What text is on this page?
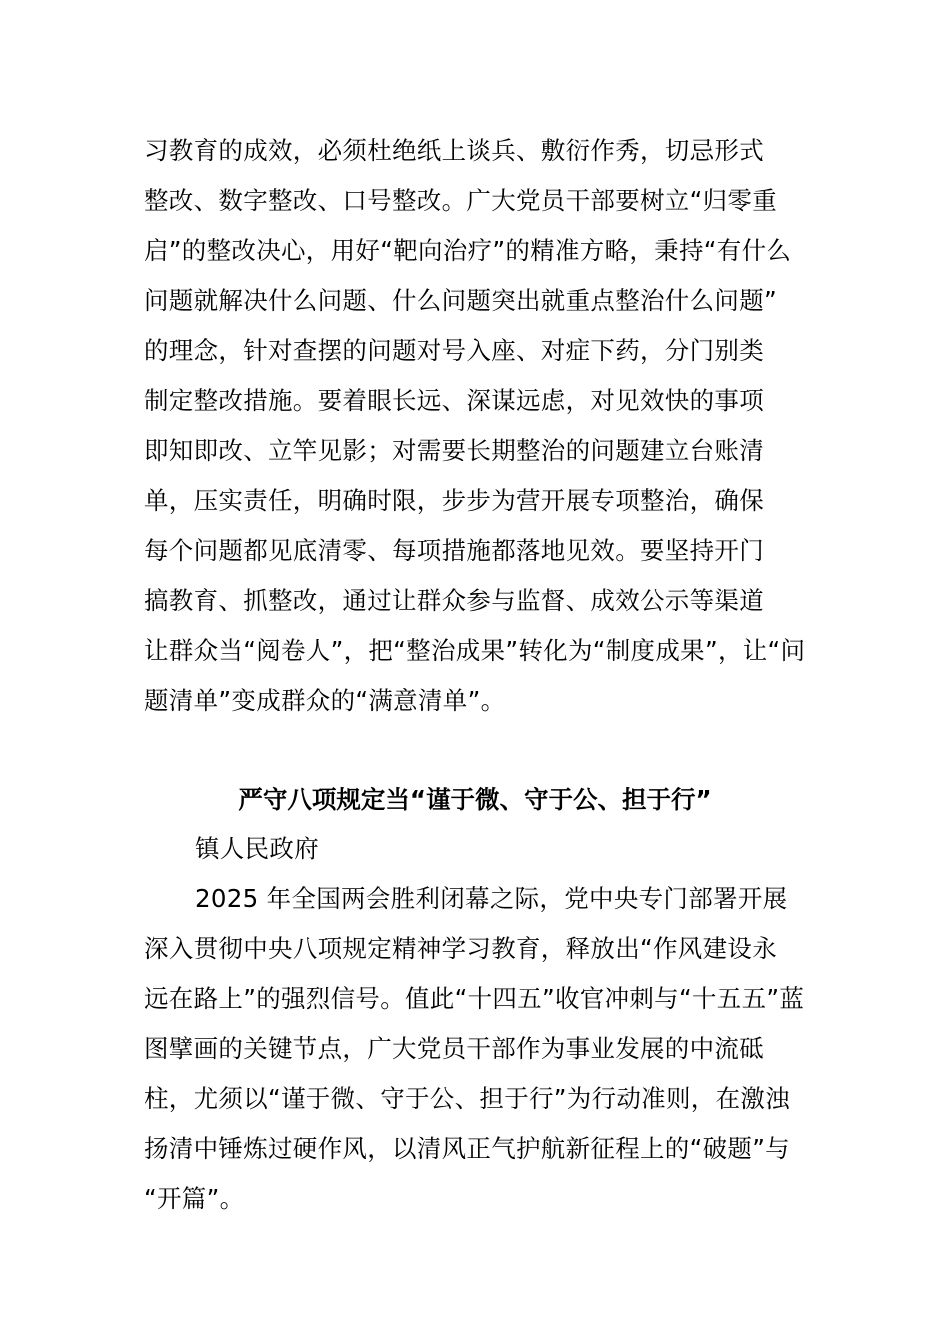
习教育的成效，必须杜绝纸上谈兵、敷衍作秀，切忌形式
整改、数字整改、口号整改。广大党员干部要树立“归零重
启”的整改决心，用好“靶向治疗”的精准方略，秉持“有什么
问题就解决什么问题、什么问题突出就重点整治什么问题”
的理念，针对查摆的问题对号入座、对症下药，分门别类
制定整改措施。要着眼长远、深谋远虑，对见效快的事项
即知即改、立竿见影；对需要长期整治的问题建立台账清
单，压实责任，明确时限，步步为营开展专项整治，确保
每个问题都见底清零、每项措施都落地见效。要坚持开门
搞教育、抓整改，通过让群众参与监督、成效公示等渠道
让群众当“阅卷人”，把“整治成果”转化为“制度成果”，让“问
题清单”变成群众的“满意清单”。
严守八项规定当“谨于微、守于公、担于行”
镇人民政府
2025 年全国两会胜利闭幕之际，党中央专门部署开展
深入贯彻中央八项规定精神学习教育，释放出“作风建设永
远在路上”的强烈信号。值此“十四五”收官冲刺与“十五五”蓝
图擘画的关键节点，广大党员干部作为事业发展的中流砥
柱，尤须以“谨于微、守于公、担于行”为行动准则，在激浊
扬清中锤炼过硬作风，以清风正气护航新征程上的“破题”与
“开篇”。
